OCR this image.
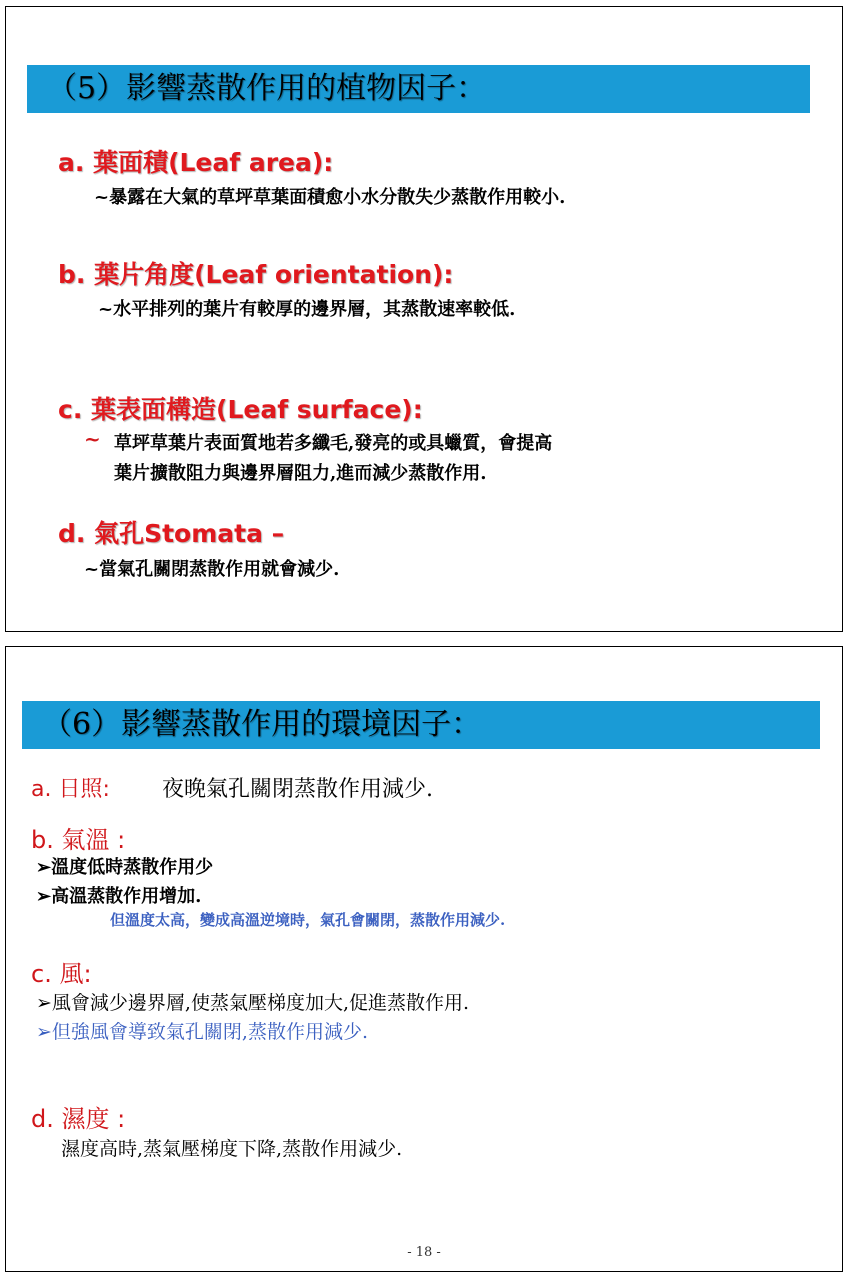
（5）影響蒸散作用的植物因子：
a. 葉面積(Leaf area):
~暴露在大氣的草坪草葉面積愈小水分散失少蒸散作用較小.
b. 葉片角度(Leaf orientation):
~水平排列的葉片有較厚的邊界層，其蒸散速率較低.
c. 葉表面構造(Leaf surface):
~ 草坪草葉片表面質地若多纖毛,發亮的或具蠟質，會提高
葉片擴散阻力與邊界層阻力,進而減少蒸散作用.
d. 氣孔Stomata –
~當氣孔關閉蒸散作用就會減少.
（6）影響蒸散作用的環境因子：
a. 日照: 夜晚氣孔關閉蒸散作用減少.
b. 氣溫 :
➢溫度低時蒸散作用少
➢高溫蒸散作用增加.
但溫度太高，變成高溫逆境時，氣孔會關閉，蒸散作用減少.
c. 風:
➢風會減少邊界層,使蒸氣壓梯度加大,促進蒸散作用.
➢但強風會導致氣孔關閉,蒸散作用減少.
d. 濕度 :
濕度高時,蒸氣壓梯度下降,蒸散作用減少.
- 18 -
